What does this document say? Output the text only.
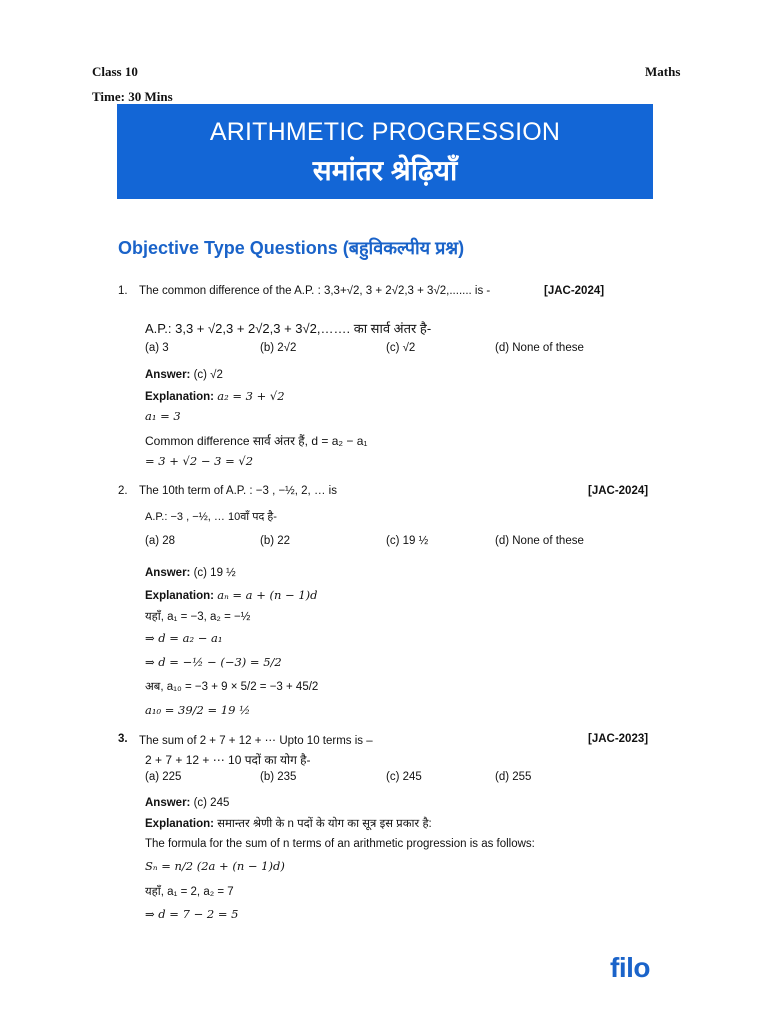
Class 10	Maths
Time: 30 Mins
ARITHMETIC PROGRESSION
समांतर श्रेढ़ियाँ
Objective Type Questions (बहुविकल्पीय प्रश्न)
1. The common difference of the A.P. : 3,3+√2, 3 + 2√2,3 + 3√2,....... is -	[JAC-2024]
A.P.: 3,3 + √2,3 + 2√2,3 + 3√2,……. का सार्व अंतर है-
(a) 3	(b) 2√2	(c) √2	(d) None of these
Answer: (c) √2
Explanation: a₂ = 3 + √2
a₁ = 3
Common difference सार्व अंतर हैं, d = a₂ − a₁
= 3 + √2 − 3 = √2
2. The 10th term of A.P. : −3 , −½, 2, … is	[JAC-2024]
A.P.: −3 , −½, … 10वाँ पद है-
(a) 28	(b) 22	(c) 19 ½	(d) None of these
Answer: (c) 19 ½
Explanation: aₙ = a + (n − 1)d
यहाँ, a₁ = −3, a₂ = −½
⇒ d = a₂ − a₁
⇒ d = −½ − (−3) = 5/2
अब, a₁₀ = −3 + 9 × 5/2 = −3 + 45/2
a₁₀ = 39/2 = 19 ½
3. The sum of 2 + 7 + 12 + ⋯ Upto 10 terms is –	[JAC-2023]
2 + 7 + 12 + ⋯ 10 पदों का योग है-
(a) 225	(b) 235	(c) 245	(d) 255
Answer: (c) 245
Explanation: समान्तर श्रेणी के n पदों के योग का सूत्र इस प्रकार है:
The formula for the sum of n terms of an arithmetic progression is as follows:
Sₙ = n/2 (2a + (n − 1)d)
यहाँ, a₁ = 2, a₂ = 7
⇒ d = 7 − 2 = 5
filo
